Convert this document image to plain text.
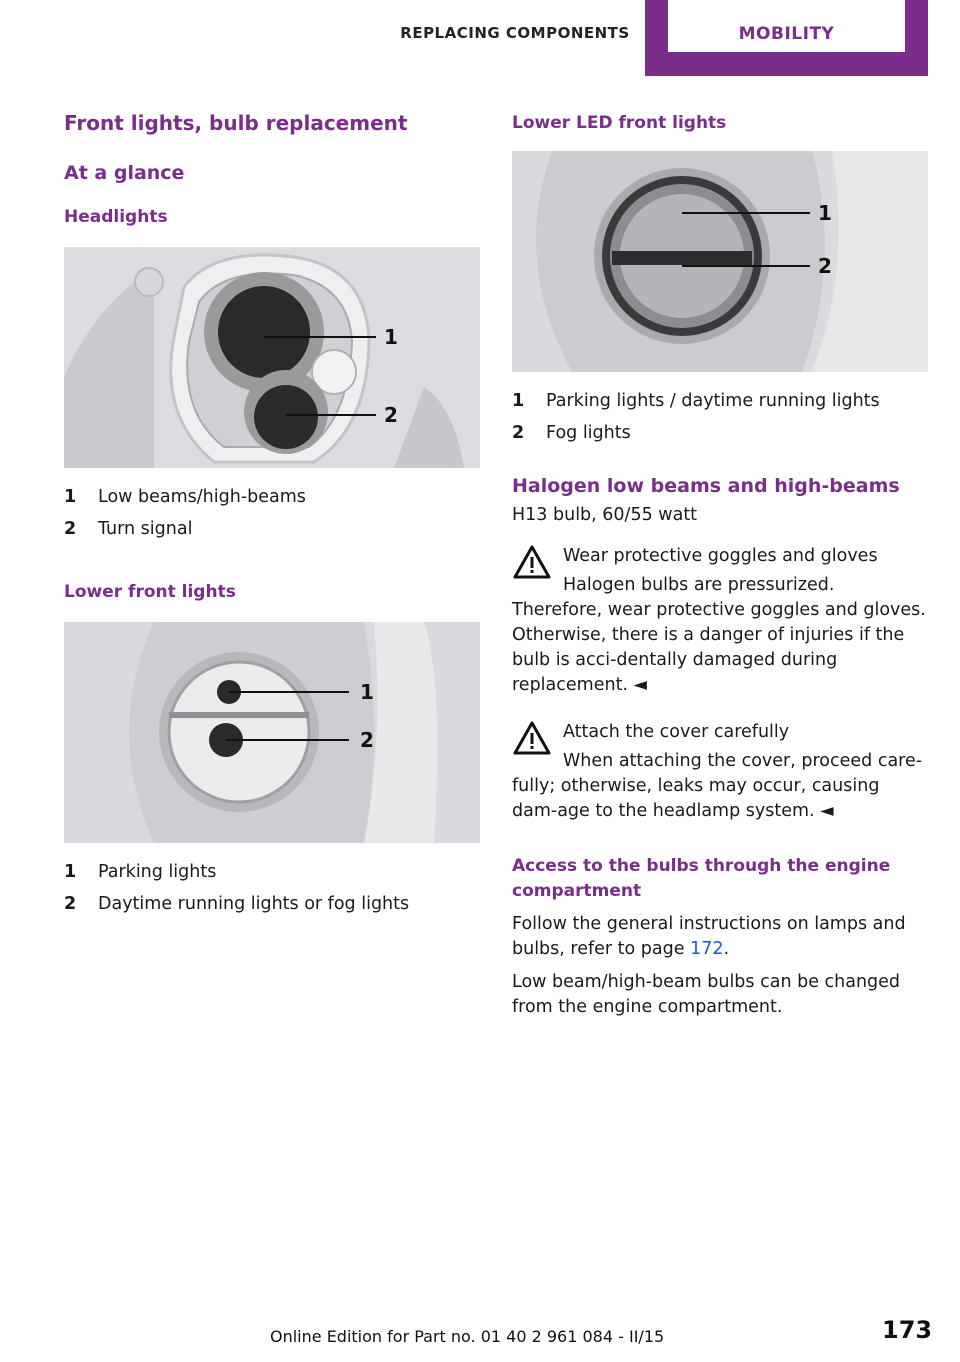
REPLACING COMPONENTS	MOBILITY
Front lights, bulb replacement
At a glance
Headlights
1
2
1	Low beams/high-beams
2	Turn signal
Lower front lights
1
2
1	Parking lights
2	Daytime running lights or fog lights
Lower LED front lights
1
2
1	Parking lights / daytime running lights
2	Fog lights
Halogen low beams and high-beams

H13 bulb, 60/55 watt

Wear protective goggles and gloves
Halogen bulbs are pressurized. Therefore, wear protective goggles and gloves. Otherwise, there is a danger of injuries if the bulb is acci‐dentally damaged during replacement. ◄
Attach the cover carefully
When attaching the cover, proceed care‐fully; otherwise, leaks may occur, causing dam‐age to the headlamp system. ◄
Access to the bulbs through the engine compartment

Follow the general instructions on lamps and bulbs, refer to page 172.

Low beam/high-beam bulbs can be changed from the engine compartment.

Online Edition for Part no. 01 40 2 961 084 - II/15	173
